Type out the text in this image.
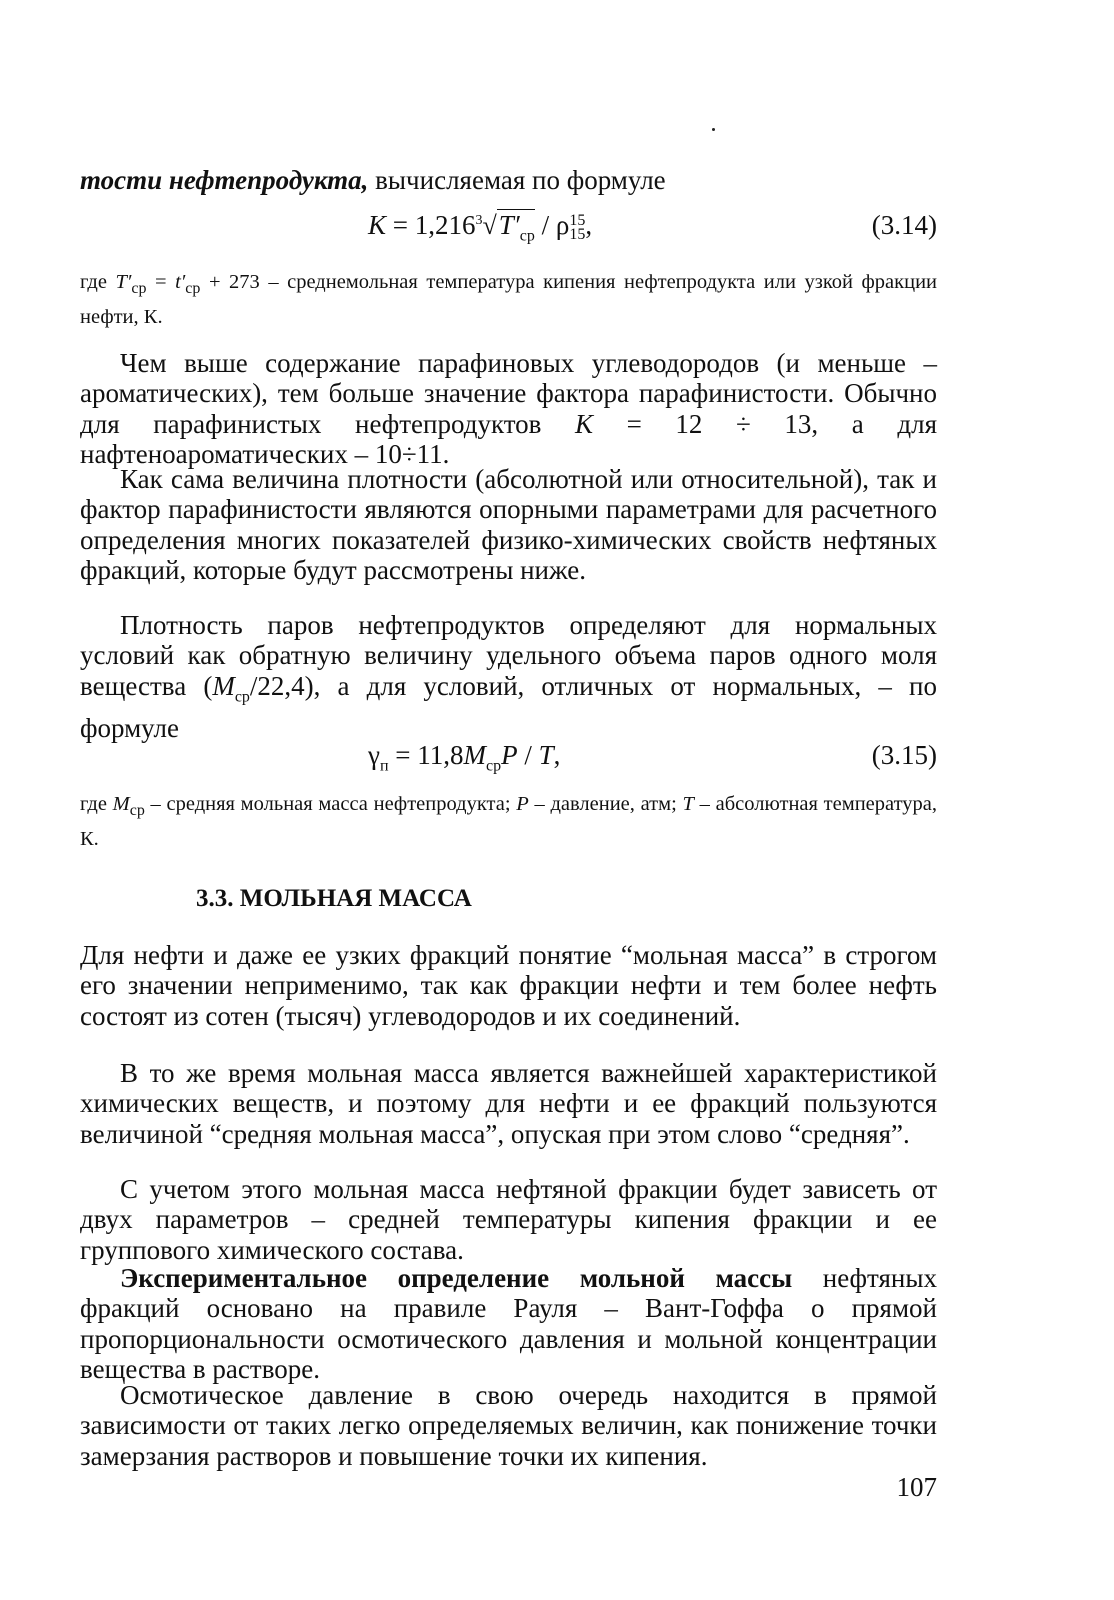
тости нефтепродукта, вычисляемая по формуле

$K = 1,216^3√T'_{ср} / \rho$ 15
15 ,	(3.14)

где $T'_{ср} = t'_{ср} + 273$ – среднемольная температура кипения нефтепродукта или узкой фракции нефти, К.

Чем выше содержание парафиновых углеводородов (и меньше – ароматических), тем больше значение фактора парафинистости. Обычно для парафинистых нефтепродуктов K = 12 ÷ 13, а для нафтеноароматических – 10÷11.

Как сама величина плотности (абсолютной или относительной), так и фактор парафинистости являются опорными параметрами для расчетного определения многих показателей физико-химических свойств нефтяных фракций, которые будут рассмотрены ниже.

Плотность паров нефтепродуктов определяют для нормальных условий как обратную величину удельного объема паров одного моля вещества $(M_{ср}/22,4)$, а для условий, отличных от нормальных, – по формуле

$\gamma_п = 11,8M_{ср}P / T$,	(3.15)

где $M_{ср}$ – средняя мольная масса нефтепродукта; P – давление, атм; T – абсолютная температура, К.

3.3. МОЛЬНАЯ МАССА

Для нефти и даже ее узких фракций понятие “мольная масса” в строгом его значении неприменимо, так как фракции нефти и тем более нефть состоят из сотен (тысяч) углеводородов и их соединений.

В то же время мольная масса является важнейшей характеристикой химических веществ, и поэтому для нефти и ее фракций пользуются величиной “средняя мольная масса”, опуская при этом слово “средняя”.

С учетом этого мольная масса нефтяной фракции будет зависеть от двух параметров – средней температуры кипения фракции и ее группового химического состава.

Экспериментальное определение мольной массы нефтяных фракций основано на правиле Рауля – Вант-Гоффа о прямой пропорциональности осмотического давления и мольной концентрации вещества в растворе.

Осмотическое давление в свою очередь находится в прямой зависимости от таких легко определяемых величин, как понижение точки замерзания растворов и повышение точки их кипения.

107
